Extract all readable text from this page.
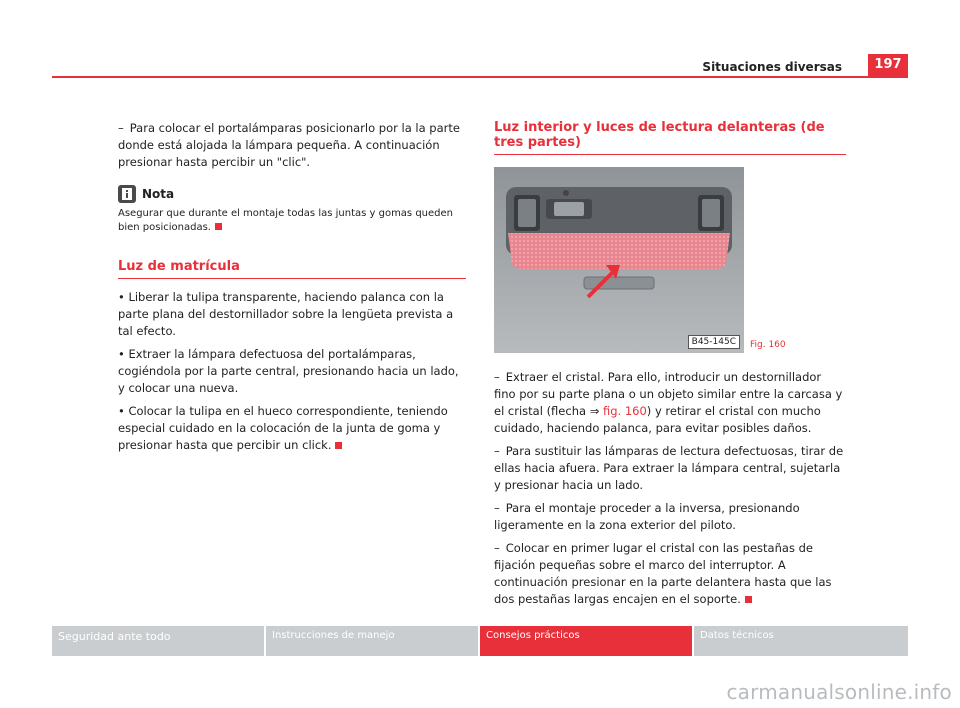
Situaciones diversas	197

– Para colocar el portalámparas posicionarlo por la la parte donde está alojada la lámpara pequeña. A continuación presionar hasta percibir un "clic".

Nota

Asegurar que durante el montaje todas las juntas y gomas queden bien posicionadas.

Luz de matrícula

• Liberar la tulipa transparente, haciendo palanca con la parte plana del destornillador sobre la lengüeta prevista a tal efecto.

• Extraer la lámpara defectuosa del portalámparas, cogiéndola por la parte central, presionando hacia un lado, y colocar una nueva.

• Colocar la tulipa en el hueco correspondiente, teniendo especial cuidado en la colocación de la junta de goma y presionar hasta que percibir un click.

Luz interior y luces de lectura delanteras (de tres partes)
B45-145C	Fig. 160

– Extraer el cristal. Para ello, introducir un destornillador fino por su parte plana o un objeto similar entre la carcasa y el cristal (flecha ⇒ fig. 160) y retirar el cristal con mucho cuidado, haciendo palanca, para evitar posibles daños.

– Para sustituir las lámparas de lectura defectuosas, tirar de ellas hacia afuera. Para extraer la lámpara central, sujetarla y presionar hacia un lado.

– Para el montaje proceder a la inversa, presionando ligeramente en la zona exterior del piloto.

– Colocar en primer lugar el cristal con las pestañas de fijación pequeñas sobre el marco del interruptor. A continuación presionar en la parte delantera hasta que las dos pestañas largas encajen en el soporte.

Seguridad ante todo	Instrucciones de manejo	Consejos prácticos	Datos técnicos
carmanualsonline.info
